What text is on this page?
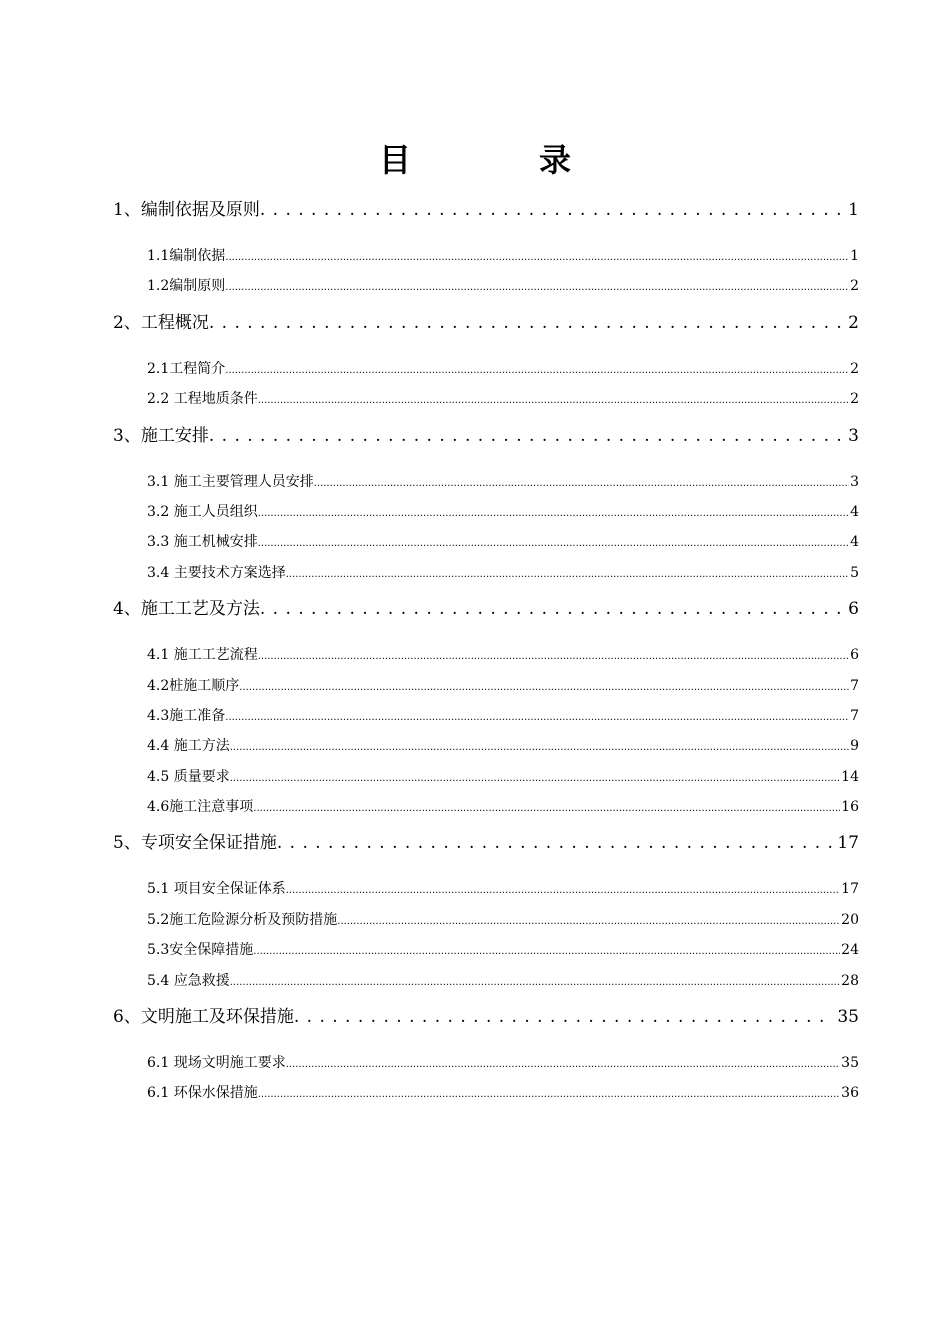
目录
1、编制依据及原则 . . .	1
1.1编制依据 .....	1
1.2编制原则 .....	2
2、工程概况 . . .	2
2.1工程简介 .....	2
2.2 工程地质条件 .....	2
3、施工安排 . . .	3
3.1 施工主要管理人员安排 .....	3
3.2 施工人员组织 .....	4
3.3 施工机械安排 .....	4
3.4 主要技术方案选择 .....	5
4、施工工艺及方法 . . .	6
4.1 施工工艺流程 .....	6
4.2桩施工顺序 .....	7
4.3施工准备 .....	7
4.4 施工方法 .....	9
4.5 质量要求 .....	14
4.6施工注意事项 .....	16
5、专项安全保证措施 . . .	17
5.1 项目安全保证体系 .....	17
5.2施工危险源分析及预防措施 .....	20
5.3安全保障措施 .....	24
5.4 应急救援 .....	28
6、文明施工及环保措施 . . .	35
6.1 现场文明施工要求 .....	35
6.1 环保水保措施 .....	36
